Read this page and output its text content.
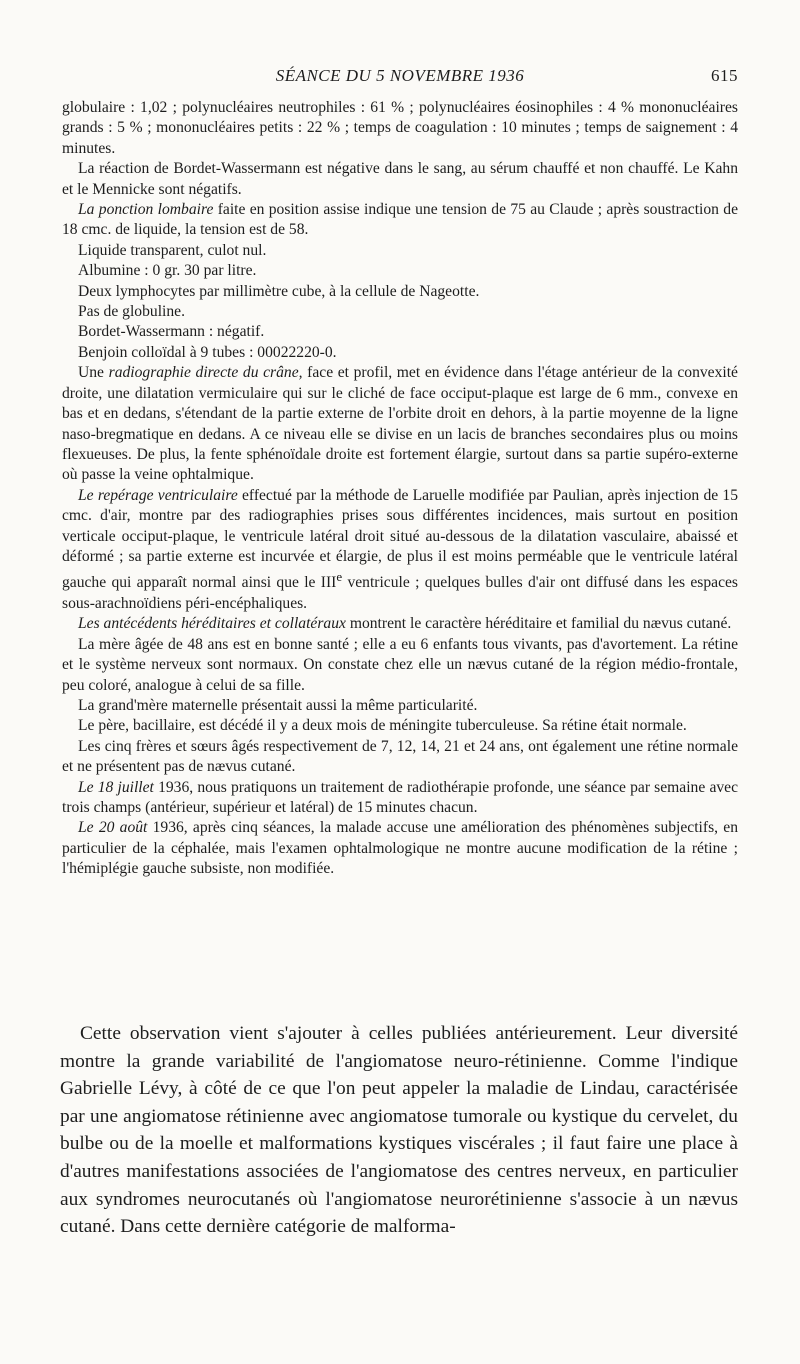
SÉANCE DU 5 NOVEMBRE 1936	615

globulaire : 1,02 ; polynucléaires neutrophiles : 61 % ; polynucléaires éosinophiles : 4 % mononucléaires grands : 5 % ; mononucléaires petits : 22 % ; temps de coagulation : 10 minutes ; temps de saignement : 4 minutes.

La réaction de Bordet-Wassermann est négative dans le sang, au sérum chauffé et non chauffé. Le Kahn et le Mennicke sont négatifs.

La ponction lombaire faite en position assise indique une tension de 75 au Claude ; après soustraction de 18 cmc. de liquide, la tension est de 58.

Liquide transparent, culot nul.

Albumine : 0 gr. 30 par litre.

Deux lymphocytes par millimètre cube, à la cellule de Nageotte.

Pas de globuline.

Bordet-Wassermann : négatif.

Benjoin colloïdal à 9 tubes : 00022220-0.

Une radiographie directe du crâne, face et profil, met en évidence dans l'étage antérieur de la convexité droite, une dilatation vermiculaire qui sur le cliché de face occiput-plaque est large de 6 mm., convexe en bas et en dedans, s'étendant de la partie externe de l'orbite droit en dehors, à la partie moyenne de la ligne naso-bregmatique en dedans. A ce niveau elle se divise en un lacis de branches secondaires plus ou moins flexueuses. De plus, la fente sphénoïdale droite est fortement élargie, surtout dans sa partie supéro-externe où passe la veine ophtalmique.

Le repérage ventriculaire effectué par la méthode de Laruelle modifiée par Paulian, après injection de 15 cmc. d'air, montre par des radiographies prises sous différentes incidences, mais surtout en position verticale occiput-plaque, le ventricule latéral droit situé au-dessous de la dilatation vasculaire, abaissé et déformé ; sa partie externe est incurvée et élargie, de plus il est moins perméable que le ventricule latéral gauche qui apparaît normal ainsi que le IIIe ventricule ; quelques bulles d'air ont diffusé dans les espaces sous-arachnoïdiens péri-encéphaliques.

Les antécédents héréditaires et collatéraux montrent le caractère héréditaire et familial du nævus cutané.

La mère âgée de 48 ans est en bonne santé ; elle a eu 6 enfants tous vivants, pas d'avortement. La rétine et le système nerveux sont normaux. On constate chez elle un nævus cutané de la région médio-frontale, peu coloré, analogue à celui de sa fille.

La grand'mère maternelle présentait aussi la même particularité.

Le père, bacillaire, est décédé il y a deux mois de méningite tuberculeuse. Sa rétine était normale.

Les cinq frères et sœurs âgés respectivement de 7, 12, 14, 21 et 24 ans, ont également une rétine normale et ne présentent pas de nævus cutané.

Le 18 juillet 1936, nous pratiquons un traitement de radiothérapie profonde, une séance par semaine avec trois champs (antérieur, supérieur et latéral) de 15 minutes chacun.

Le 20 août 1936, après cinq séances, la malade accuse une amélioration des phénomènes subjectifs, en particulier de la céphalée, mais l'examen ophtalmologique ne montre aucune modification de la rétine ; l'hémiplégie gauche subsiste, non modifiée.

Cette observation vient s'ajouter à celles publiées antérieurement. Leur diversité montre la grande variabilité de l'angiomatose neuro-rétinienne. Comme l'indique Gabrielle Lévy, à côté de ce que l'on peut appeler la maladie de Lindau, caractérisée par une angiomatose rétinienne avec angiomatose tumorale ou kystique du cervelet, du bulbe ou de la moelle et malformations kystiques viscérales ; il faut faire une place à d'autres manifestations associées de l'angiomatose des centres nerveux, en particulier aux syndromes neurocutanés où l'angiomatose neurorétinienne s'associe à un nævus cutané. Dans cette dernière catégorie de malforma-
